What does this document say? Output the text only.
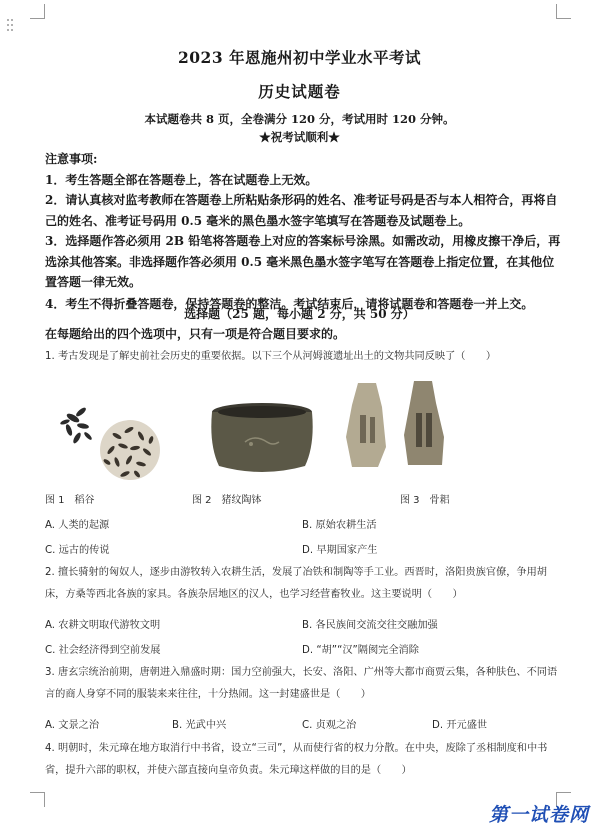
2023 年恩施州初中学业水平考试
历史试题卷
本试题卷共 8 页，全卷满分 120 分，考试用时 120 分钟。
★祝考试顺利★
注意事项:
1．考生答题全部在答题卷上，答在试题卷上无效。
2．请认真核对监考教师在答题卷上所粘贴条形码的姓名、准考证号码是否与本人相符合，再将自己的姓名、准考证号码用 0.5 毫米的黑色墨水签字笔填写在答题卷及试题卷上。
3．选择题作答必须用 2B 铅笔将答题卷上对应的答案标号涂黑。如需改动，用橡皮擦干净后，再选涂其他答案。非选择题作答必须用 0.5 毫米黑色墨水签字笔写在答题卷上指定位置，在其他位置答题一律无效。
4．考生不得折叠答题卷，保持答题卷的整洁。考试结束后，请将试题卷和答题卷一并上交。
选择题（25 题，每小题 2 分，共 50 分）
在每题给出的四个选项中，只有一项是符合题目要求的。
1. 考古发现是了解史前社会历史的重要依据。以下三个从河姆渡遗址出土的文物共同反映了（　　）
图 1　稻谷	图 2　猪纹陶钵	图 3　骨耜
A. 人类的起源	B. 原始农耕生活
C. 远古的传说	D. 早期国家产生
2. 擅长骑射的匈奴人，逐步由游牧转入农耕生活，发展了冶铁和制陶等手工业。西晋时，洛阳贵族官僚，争用胡床，方桑等西北各族的家具。各族杂居地区的汉人，也学习经营畜牧业。这主要说明（　　）
A. 农耕文明取代游牧文明	B. 各民族间交流交往交融加强
C. 社会经济得到空前发展	D. “胡”“汉”隔阂完全消除
3. 唐玄宗统治前期，唐朝进入鼎盛时期：国力空前强大，长安、洛阳、广州等大都市商贾云集，各种肤色、不同语言的商人身穿不同的服装来来往往，十分热闹。这一封建盛世是（　　）
A. 文景之治	B. 光武中兴	C. 贞观之治	D. 开元盛世
4. 明朝时，朱元璋在地方取消行中书省，设立“三司”，从而使行省的权力分散。在中央，废除了丞相制度和中书省，提升六部的职权，并使六部直接向皇帝负责。朱元璋这样做的目的是（　　）
第一试卷网
